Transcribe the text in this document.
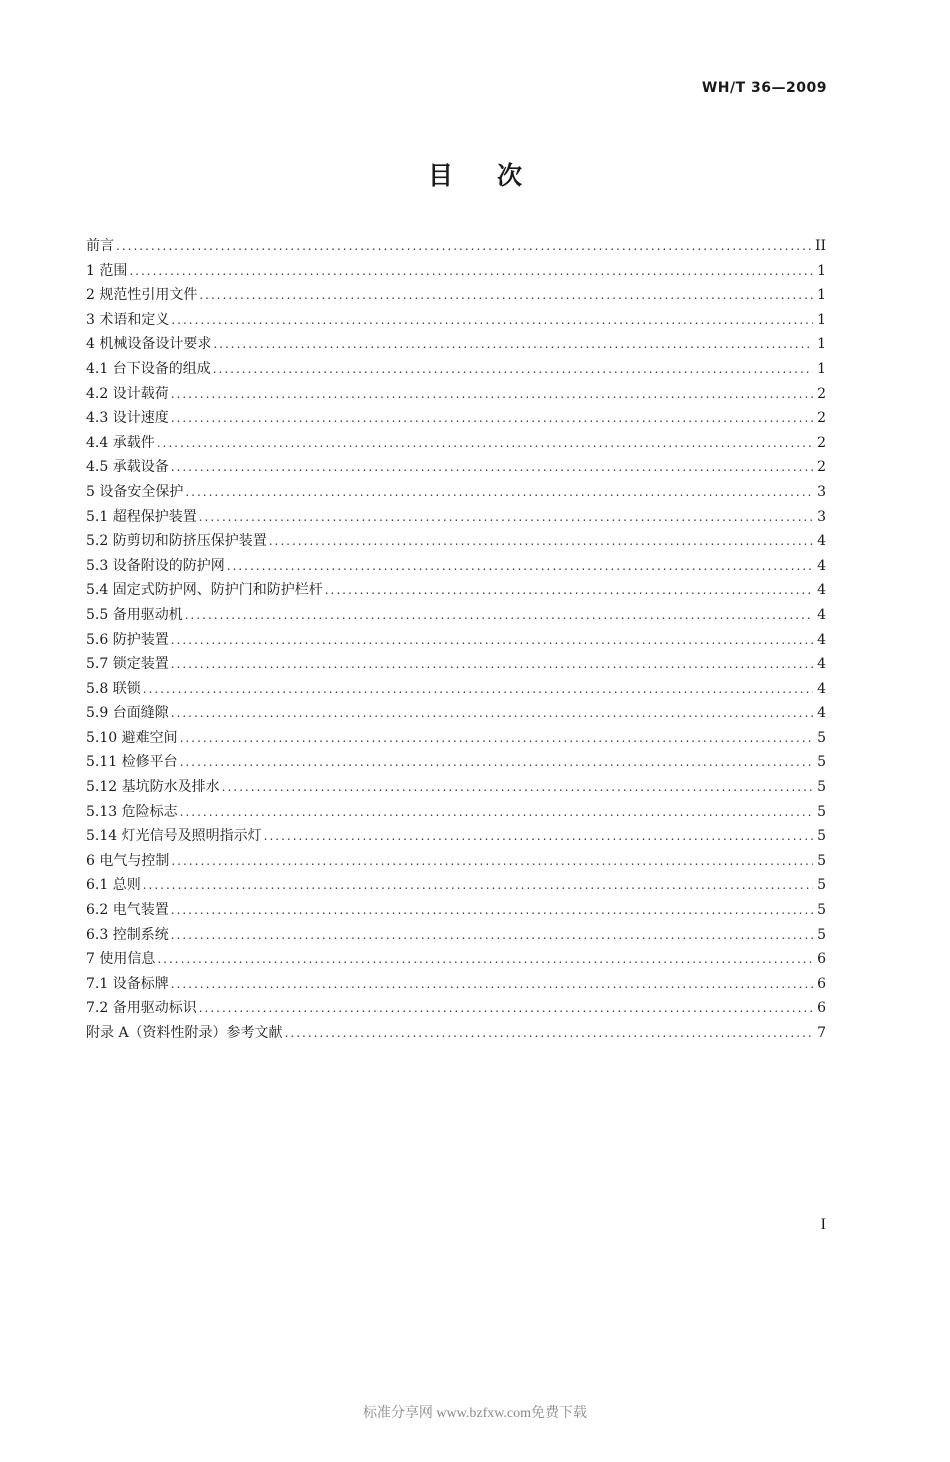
WH/T 36—2009
目次
前言 .....	II
1 范围 .....	1
2 规范性引用文件 .....	1
3 术语和定义 .....	1
4 机械设备设计要求 .....	1
4.1 台下设备的组成 .....	1
4.2 设计载荷 .....	2
4.3 设计速度 .....	2
4.4 承载件 .....	2
4.5 承载设备 .....	2
5 设备安全保护 .....	3
5.1 超程保护装置 .....	3
5.2 防剪切和防挤压保护装置 .....	4
5.3 设备附设的防护网 .....	4
5.4 固定式防护网、防护门和防护栏杆 .....	4
5.5 备用驱动机 .....	4
5.6 防护装置 .....	4
5.7 锁定装置 .....	4
5.8 联锁 .....	4
5.9 台面缝隙 .....	4
5.10 避难空间 .....	5
5.11 检修平台 .....	5
5.12 基坑防水及排水 .....	5
5.13 危险标志 .....	5
5.14 灯光信号及照明指示灯 .....	5
6 电气与控制 .....	5
6.1 总则 .....	5
6.2 电气装置 .....	5
6.3 控制系统 .....	5
7 使用信息 .....	6
7.1 设备标牌 .....	6
7.2 备用驱动标识 .....	6
附录 A（资料性附录）参考文献 .....	7
I
标准分享网 www.bzfxw.com免费下载
